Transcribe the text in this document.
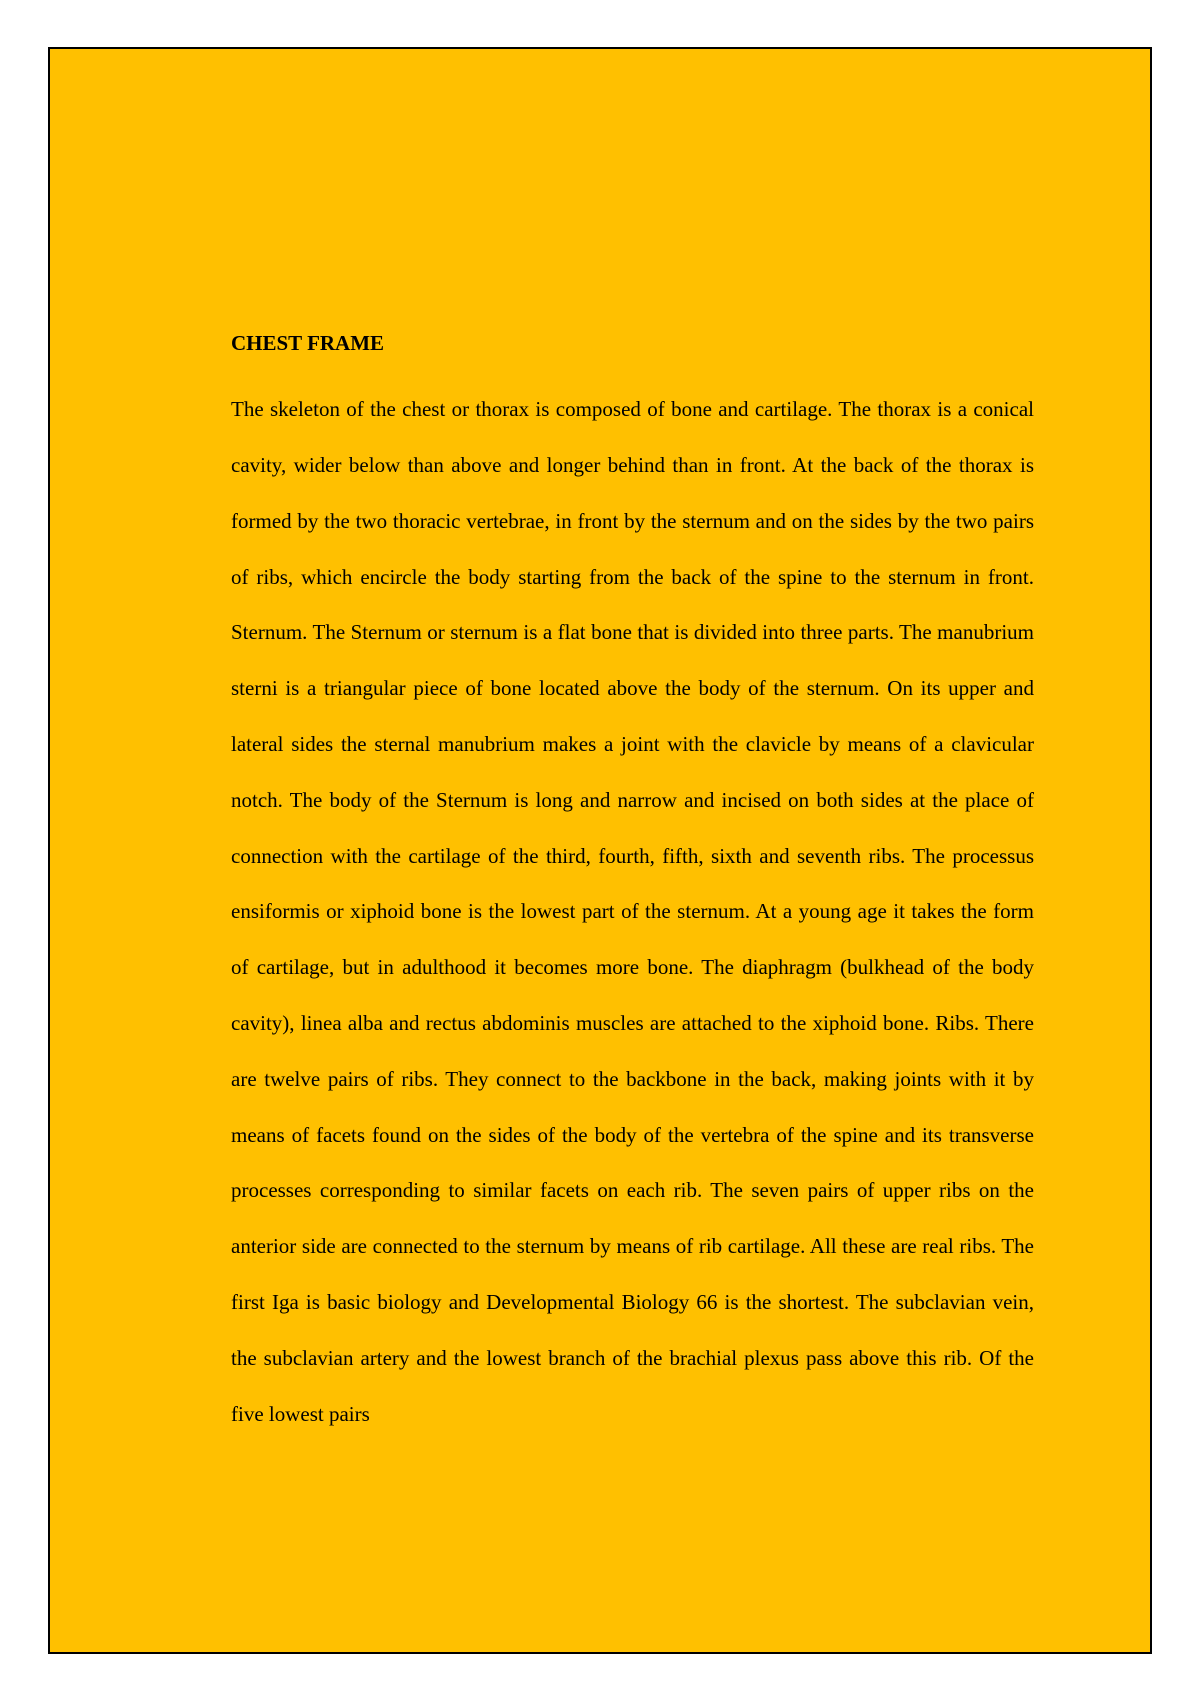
CHEST FRAME

The skeleton of the chest or thorax is composed of bone and cartilage. The thorax is a conical cavity, wider below than above and longer behind than in front. At the back of the thorax is formed by the two thoracic vertebrae, in front by the sternum and on the sides by the two pairs of ribs, which encircle the body starting from the back of the spine to the sternum in front. Sternum. The Sternum or sternum is a flat bone that is divided into three parts. The manubrium sterni is a triangular piece of bone located above the body of the sternum. On its upper and lateral sides the sternal manubrium makes a joint with the clavicle by means of a clavicular notch. The body of the Sternum is long and narrow and incised on both sides at the place of connection with the cartilage of the third, fourth, fifth, sixth and seventh ribs. The processus ensiformis or xiphoid bone is the lowest part of the sternum. At a young age it takes the form of cartilage, but in adulthood it becomes more bone. The diaphragm (bulkhead of the body cavity), linea alba and rectus abdominis muscles are attached to the xiphoid bone. Ribs. There are twelve pairs of ribs. They connect to the backbone in the back, making joints with it by means of facets found on the sides of the body of the vertebra of the spine and its transverse processes corresponding to similar facets on each rib. The seven pairs of upper ribs on the anterior side are connected to the sternum by means of rib cartilage. All these are real ribs. The first Iga is basic biology and Developmental Biology 66 is the shortest. The subclavian vein, the subclavian artery and the lowest branch of the brachial plexus pass above this rib. Of the five lowest pairs
